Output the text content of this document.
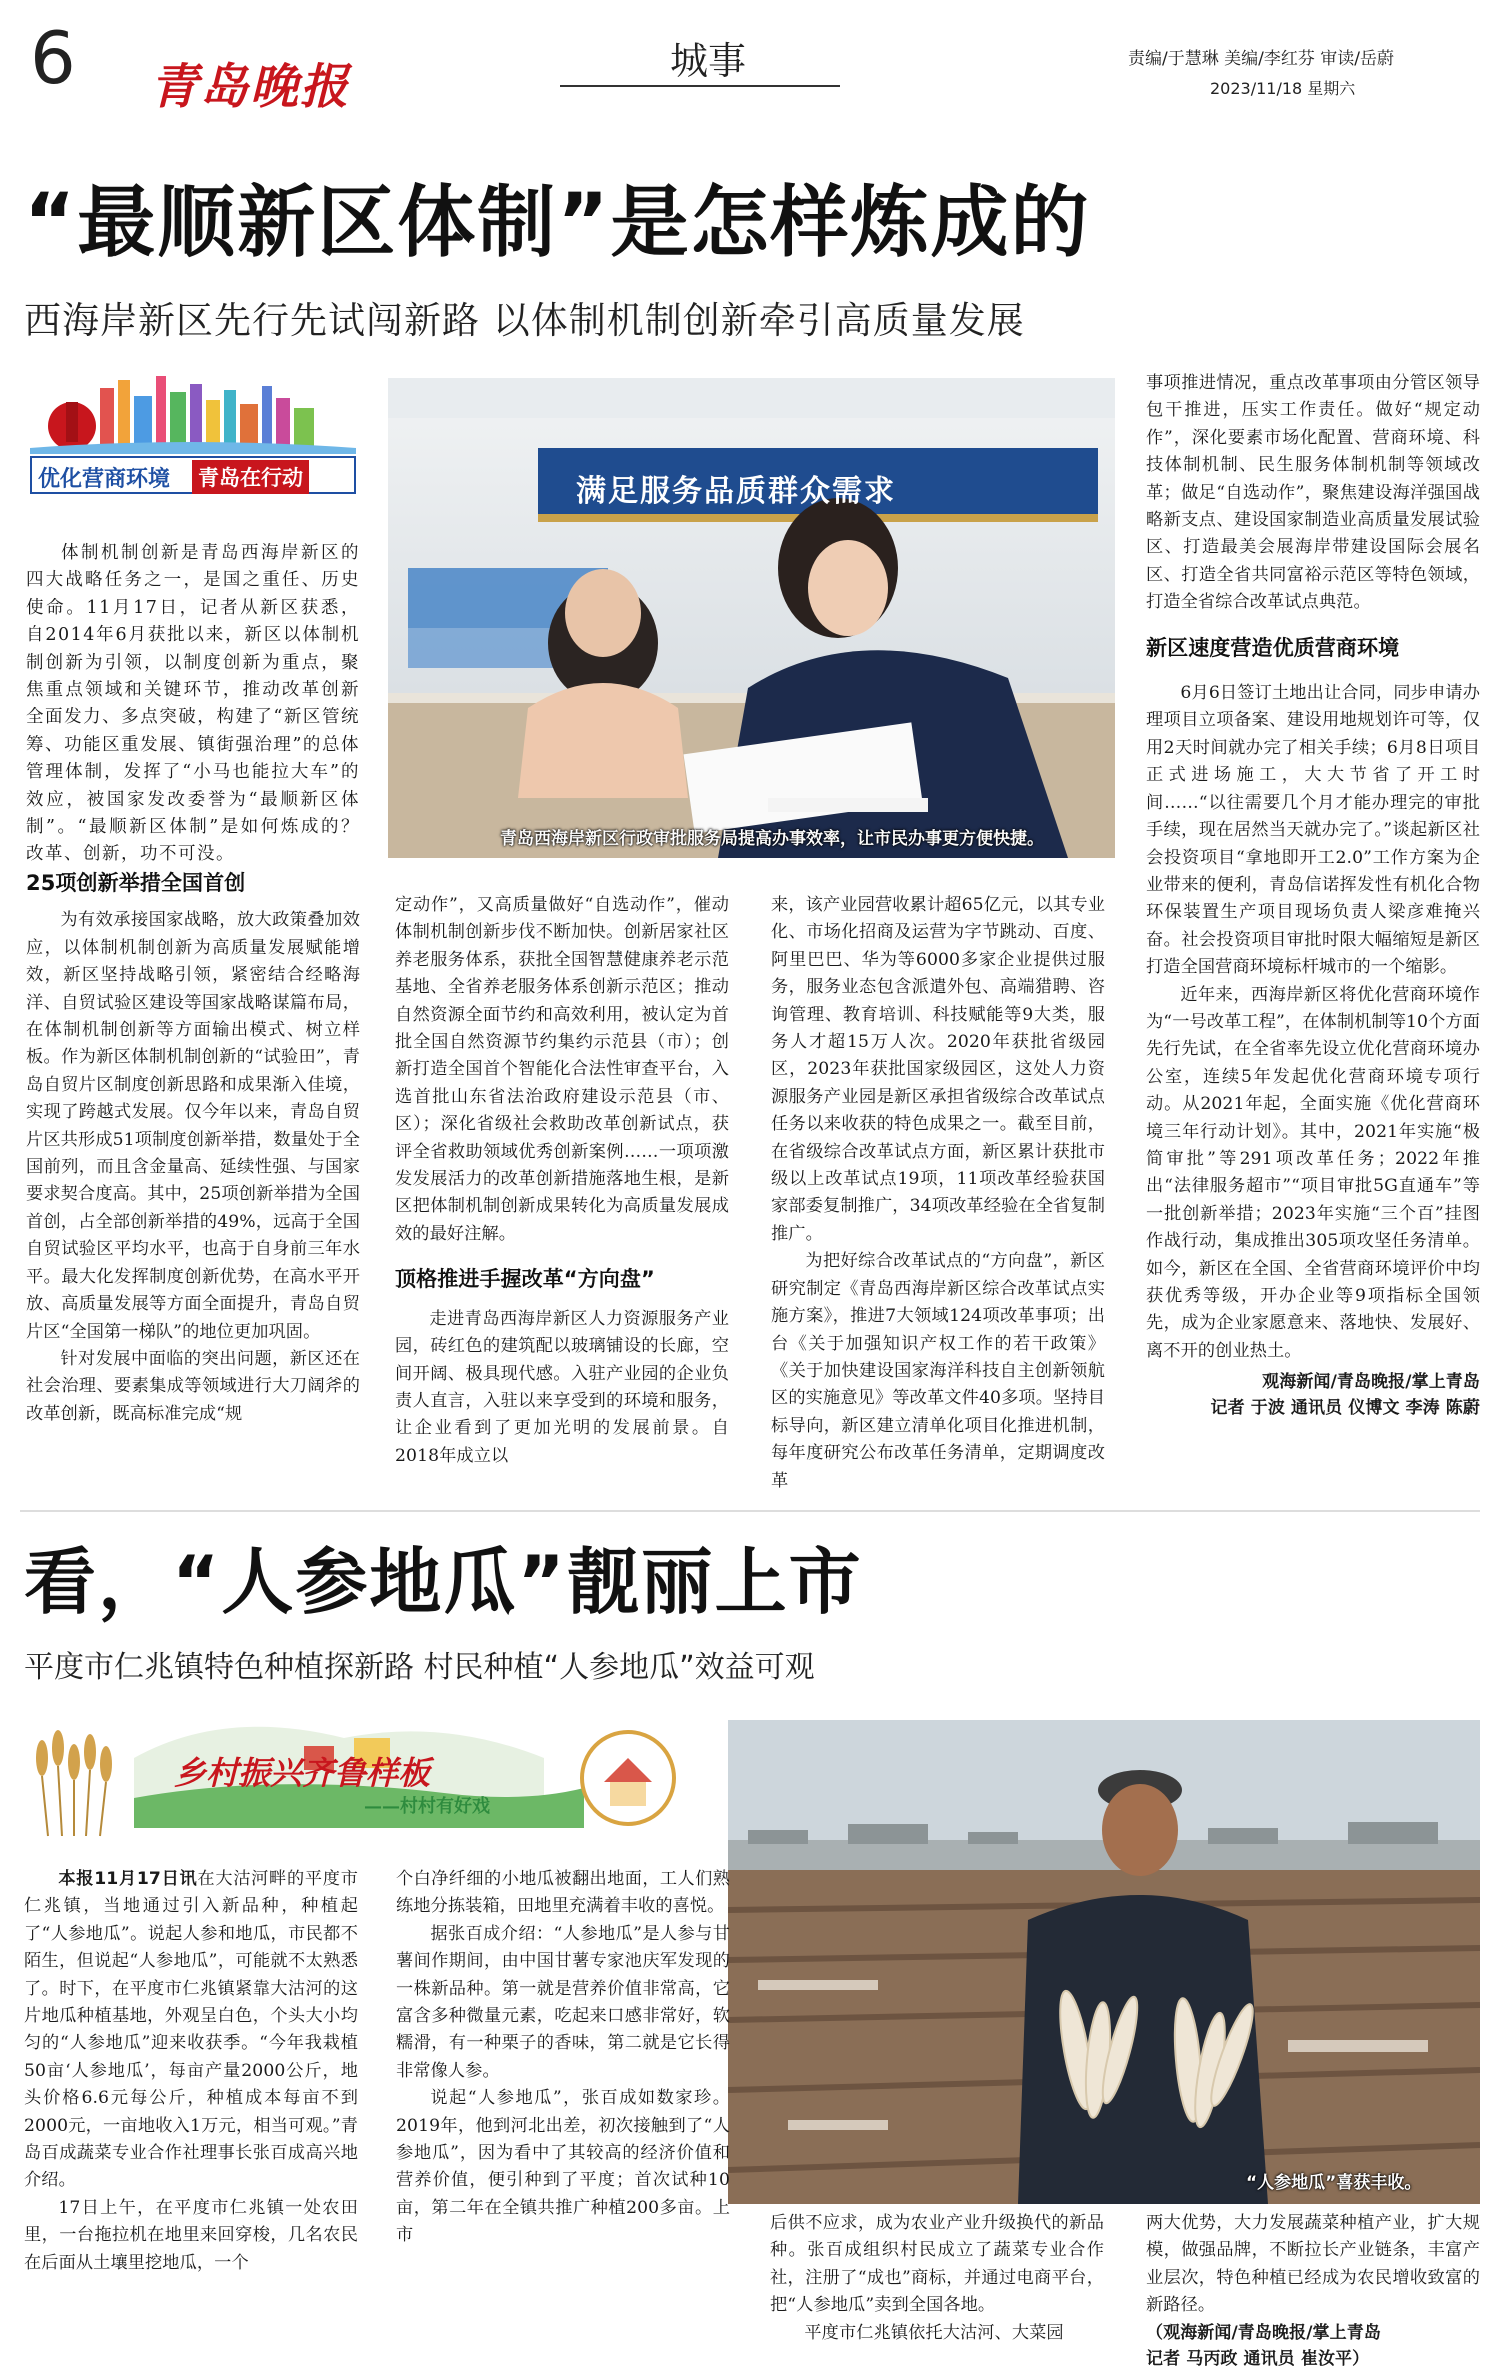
6 青岛晚报	城事	责编/于慧琳 美编/李红芬 审读/岳蔚
2023/11/18 星期六
“最顺新区体制”是怎样炼成的
西海岸新区先行先试闯新路 以体制机制创新牵引高质量发展
优化营商环境 青岛在行动	满足服务品质群众需求
青岛西海岸新区行政审批服务局提高办事效率，让市民办事更方便快捷。

体制机制创新是青岛西海岸新区的四大战略任务之一，是国之重任、历史使命。11月17日，记者从新区获悉，自2014年6月获批以来，新区以体制机制创新为引领，以制度创新为重点，聚焦重点领域和关键环节，推动改革创新全面发力、多点突破，构建了“新区管统筹、功能区重发展、镇街强治理”的总体管理体制，发挥了“小马也能拉大车”的效应，被国家发改委誉为“最顺新区体制”。“最顺新区体制”是如何炼成的？改革、创新，功不可没。

25项创新举措全国首创

为有效承接国家战略，放大政策叠加效应，以体制机制创新为高质量发展赋能增效，新区坚持战略引领，紧密结合经略海洋、自贸试验区建设等国家战略谋篇布局，在体制机制创新等方面输出模式、树立样板。作为新区体制机制创新的“试验田”，青岛自贸片区制度创新思路和成果渐入佳境，实现了跨越式发展。仅今年以来，青岛自贸片区共形成51项制度创新举措，数量处于全国前列，而且含金量高、延续性强、与国家要求契合度高。其中，25项创新举措为全国首创，占全部创新举措的49%，远高于全国自贸试验区平均水平，也高于自身前三年水平。最大化发挥制度创新优势，在高水平开放、高质量发展等方面全面提升，青岛自贸片区“全国第一梯队”的地位更加巩固。

针对发展中面临的突出问题，新区还在社会治理、要素集成等领域进行大刀阔斧的改革创新，既高标准完成“规

定动作”，又高质量做好“自选动作”，催动体制机制创新步伐不断加快。创新居家社区养老服务体系，获批全国智慧健康养老示范基地、全省养老服务体系创新示范区；推动自然资源全面节约和高效利用，被认定为首批全国自然资源节约集约示范县（市）；创新打造全国首个智能化合法性审查平台，入选首批山东省法治政府建设示范县（市、区）；深化省级社会救助改革创新试点，获评全省救助领域优秀创新案例……一项项激发发展活力的改革创新措施落地生根，是新区把体制机制创新成果转化为高质量发展成效的最好注解。

顶格推进手握改革“方向盘”

走进青岛西海岸新区人力资源服务产业园，砖红色的建筑配以玻璃铺设的长廊，空间开阔、极具现代感。入驻产业园的企业负责人直言，入驻以来享受到的环境和服务，让企业看到了更加光明的发展前景。自2018年成立以

来，该产业园营收累计超65亿元，以其专业化、市场化招商及运营为字节跳动、百度、阿里巴巴、华为等6000多家企业提供过服务，服务业态包含派遣外包、高端猎聘、咨询管理、教育培训、科技赋能等9大类，服务人才超15万人次。2020年获批省级园区，2023年获批国家级园区，这处人力资源服务产业园是新区承担省级综合改革试点任务以来收获的特色成果之一。截至目前，在省级综合改革试点方面，新区累计获批市级以上改革试点19项，11项改革经验获国家部委复制推广，34项改革经验在全省复制推广。

为把好综合改革试点的“方向盘”，新区研究制定《青岛西海岸新区综合改革试点实施方案》，推进7大领域124项改革事项；出台《关于加强知识产权工作的若干政策》《关于加快建设国家海洋科技自主创新领航区的实施意见》等改革文件40多项。坚持目标导向，新区建立清单化项目化推进机制，每年度研究公布改革任务清单，定期调度改革

事项推进情况，重点改革事项由分管区领导包干推进，压实工作责任。做好“规定动作”，深化要素市场化配置、营商环境、科技体制机制、民生服务体制机制等领域改革；做足“自选动作”，聚焦建设海洋强国战略新支点、建设国家制造业高质量发展试验区、打造最美会展海岸带建设国际会展名区、打造全省共同富裕示范区等特色领域，打造全省综合改革试点典范。

新区速度营造优质营商环境

6月6日签订土地出让合同，同步申请办理项目立项备案、建设用地规划许可等，仅用2天时间就办完了相关手续；6月8日项目正式进场施工，大大节省了开工时间……“以往需要几个月才能办理完的审批手续，现在居然当天就办完了。”谈起新区社会投资项目“拿地即开工2.0”工作方案为企业带来的便利，青岛信诺挥发性有机化合物环保装置生产项目现场负责人梁彦难掩兴奋。社会投资项目审批时限大幅缩短是新区打造全国营商环境标杆城市的一个缩影。

近年来，西海岸新区将优化营商环境作为“一号改革工程”，在体制机制等10个方面先行先试，在全省率先设立优化营商环境办公室，连续5年发起优化营商环境专项行动。从2021年起，全面实施《优化营商环境三年行动计划》。其中，2021年实施“极简审批”等291项改革任务；2022年推出“法律服务超市”“项目审批5G直通车”等一批创新举措；2023年实施“三个百”挂图作战行动，集成推出305项攻坚任务清单。如今，新区在全国、全省营商环境评价中均获优秀等级，开办企业等9项指标全国领先，成为企业家愿意来、落地快、发展好、离不开的创业热土。

观海新闻/青岛晚报/掌上青岛
记者 于波 通讯员 仪博文 李涛 陈蔚
看，“人参地瓜”靓丽上市
平度市仁兆镇特色种植探新路 村民种植“人参地瓜”效益可观
乡村振兴齐鲁样板
——村村有好戏
“人参地瓜”喜获丰收。

本报11月17日讯在大沽河畔的平度市仁兆镇，当地通过引入新品种，种植起了“人参地瓜”。说起人参和地瓜，市民都不陌生，但说起“人参地瓜”，可能就不太熟悉了。时下，在平度市仁兆镇紧靠大沽河的这片地瓜种植基地，外观呈白色，个头大小均匀的“人参地瓜”迎来收获季。“今年我栽植50亩‘人参地瓜’，每亩产量2000公斤，地头价格6.6元每公斤，种植成本每亩不到2000元，一亩地收入1万元，相当可观。”青岛百成蔬菜专业合作社理事长张百成高兴地介绍。

17日上午，在平度市仁兆镇一处农田里，一台拖拉机在地里来回穿梭，几名农民在后面从土壤里挖地瓜，一个

个白净纤细的小地瓜被翻出地面，工人们熟练地分拣装箱，田地里充满着丰收的喜悦。

据张百成介绍：“人参地瓜”是人参与甘薯间作期间，由中国甘薯专家池庆军发现的一株新品种。第一就是营养价值非常高，它富含多种微量元素，吃起来口感非常好，软糯滑，有一种栗子的香味，第二就是它长得非常像人参。

说起“人参地瓜”，张百成如数家珍。2019年，他到河北出差，初次接触到了“人参地瓜”，因为看中了其较高的经济价值和营养价值，便引种到了平度；首次试种10亩，第二年在全镇共推广种植200多亩。上市

后供不应求，成为农业产业升级换代的新品种。张百成组织村民成立了蔬菜专业合作社，注册了“成也”商标，并通过电商平台，把“人参地瓜”卖到全国各地。

平度市仁兆镇依托大沽河、大菜园

两大优势，大力发展蔬菜种植产业，扩大规模，做强品牌，不断拉长产业链条，丰富产业层次，特色种植已经成为农民增收致富的新路径。

（观海新闻/青岛晚报/掌上青岛
记者 马丙政 通讯员 崔汝平）
